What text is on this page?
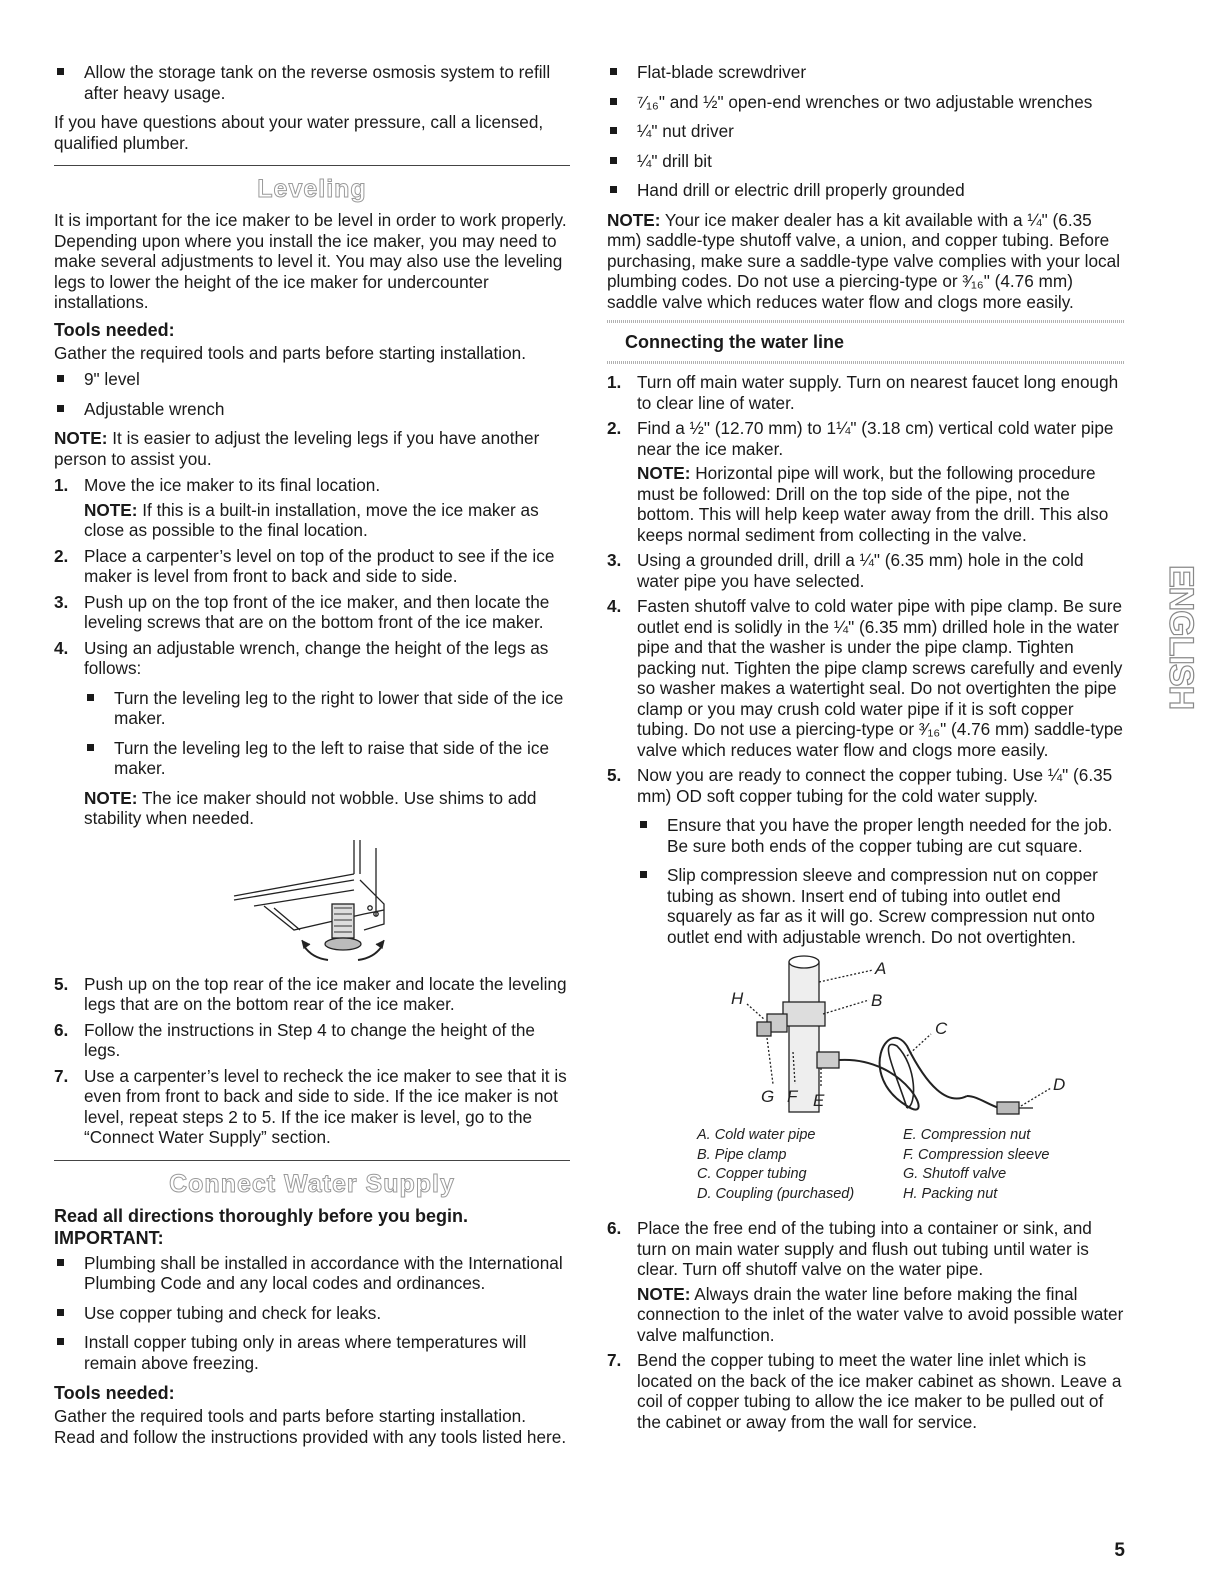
Allow the storage tank on the reverse osmosis system to refill after heavy usage.

If you have questions about your water pressure, call a licensed, qualified plumber.

Leveling

It is important for the ice maker to be level in order to work properly. Depending upon where you install the ice maker, you may need to make several adjustments to level it. You may also use the leveling legs to lower the height of the ice maker for undercounter installations.

Tools needed:

Gather the required tools and parts before starting installation.

9" level
Adjustable wrench

NOTE: It is easier to adjust the leveling legs if you have another person to assist you.

1. Move the ice maker to its final location.
NOTE: If this is a built-in installation, move the ice maker as close as possible to the final location.
2. Place a carpenter’s level on top of the product to see if the ice maker is level from front to back and side to side.
3. Push up on the top front of the ice maker, and then locate the leveling screws that are on the bottom front of the ice maker.
4. Using an adjustable wrench, change the height of the legs as follows:
Turn the leveling leg to the right to lower that side of the ice maker.
Turn the leveling leg to the left to raise that side of the ice maker.
NOTE: The ice maker should not wobble. Use shims to add stability when needed.
5. Push up on the top rear of the ice maker and locate the leveling legs that are on the bottom rear of the ice maker.
6. Follow the instructions in Step 4 to change the height of the legs.
7. Use a carpenter’s level to recheck the ice maker to see that it is even from front to back and side to side. If the ice maker is not level, repeat steps 2 to 5. If the ice maker is level, go to the “Connect Water Supply” section.
Connect Water Supply
Read all directions thoroughly before you begin.
IMPORTANT:
Plumbing shall be installed in accordance with the International Plumbing Code and any local codes and ordinances.
Use copper tubing and check for leaks.
Install copper tubing only in areas where temperatures will remain above freezing.
Tools needed:

Gather the required tools and parts before starting installation. Read and follow the instructions provided with any tools listed here.

Flat-blade screwdriver
⁷⁄₁₆" and ½" open-end wrenches or two adjustable wrenches
¼" nut driver
¼" drill bit
Hand drill or electric drill properly grounded

NOTE: Your ice maker dealer has a kit available with a ¼" (6.35 mm) saddle-type shutoff valve, a union, and copper tubing. Before purchasing, make sure a saddle-type valve complies with your local plumbing codes. Do not use a piercing-type or ³⁄₁₆" (4.76 mm) saddle valve which reduces water flow and clogs more easily.

Connecting the water line
1. Turn off main water supply. Turn on nearest faucet long enough to clear line of water.
2. Find a ½" (12.70 mm) to 1¼" (3.18 cm) vertical cold water pipe near the ice maker.
NOTE: Horizontal pipe will work, but the following procedure must be followed: Drill on the top side of the pipe, not the bottom. This will help keep water away from the drill. This also keeps normal sediment from collecting in the valve.
3. Using a grounded drill, drill a ¼" (6.35 mm) hole in the cold water pipe you have selected.
4. Fasten shutoff valve to cold water pipe with pipe clamp. Be sure outlet end is solidly in the ¼" (6.35 mm) drilled hole in the water pipe and that the washer is under the pipe clamp. Tighten packing nut. Tighten the pipe clamp screws carefully and evenly so washer makes a watertight seal. Do not overtighten the pipe clamp or you may crush cold water pipe if it is soft copper tubing. Do not use a piercing-type or ³⁄₁₆" (4.76 mm) saddle-type valve which reduces water flow and clogs more easily.
5. Now you are ready to connect the copper tubing. Use ¼" (6.35 mm) OD soft copper tubing for the cold water supply.
Ensure that you have the proper length needed for the job. Be sure both ends of the copper tubing are cut square.
Slip compression sleeve and compression nut on copper tubing as shown. Insert end of tubing into outlet end squarely as far as it will go. Screw compression nut onto outlet end with adjustable wrench. Do not overtighten.
A
B
C
D
E
F
G
H
A. Cold water pipe	E. Compression nut
B. Pipe clamp	F. Compression sleeve
C. Copper tubing	G. Shutoff valve
D. Coupling (purchased)	H. Packing nut
6. Place the free end of the tubing into a container or sink, and turn on main water supply and flush out tubing until water is clear. Turn off shutoff valve on the water pipe.
NOTE: Always drain the water line before making the final connection to the inlet of the water valve to avoid possible water valve malfunction.
7. Bend the copper tubing to meet the water line inlet which is located on the back of the ice maker cabinet as shown. Leave a coil of copper tubing to allow the ice maker to be pulled out of the cabinet or away from the wall for service.
ENGLISH
5
